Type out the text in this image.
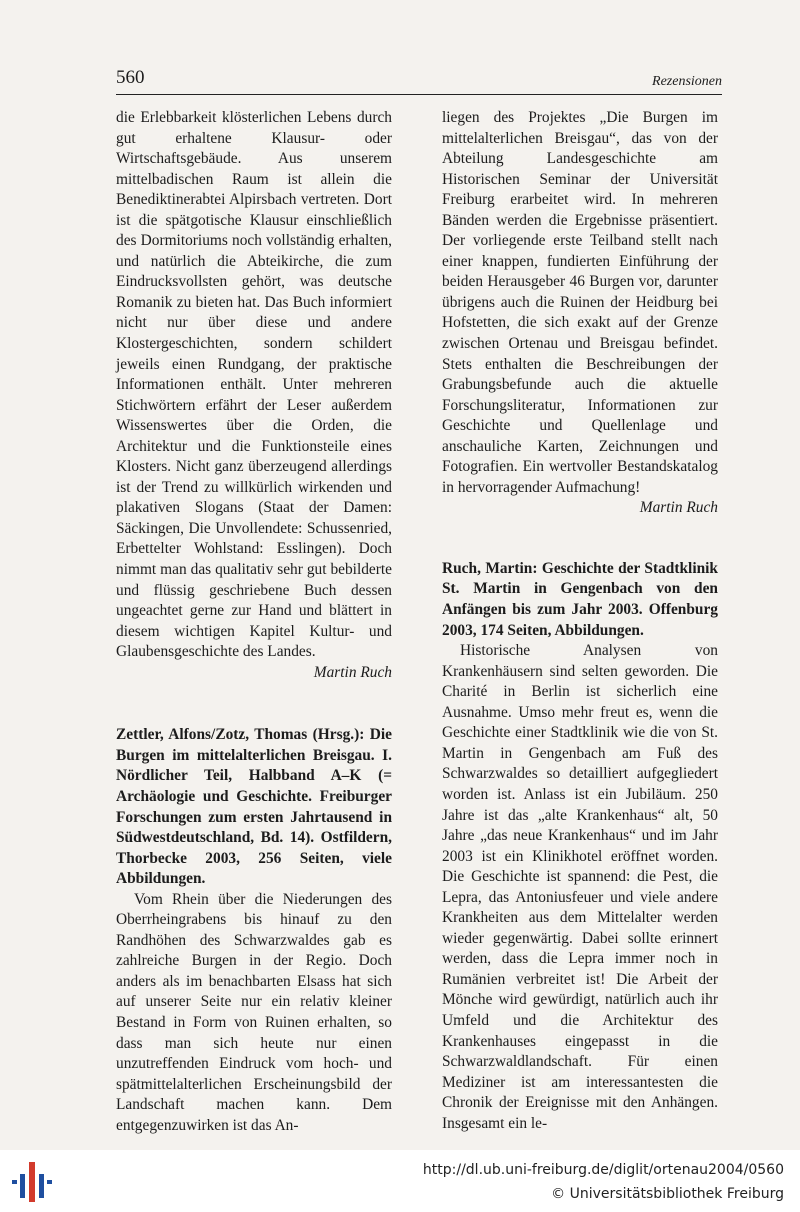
560	Rezensionen

die Erlebbarkeit klösterlichen Lebens durch gut erhaltene Klausur- oder Wirtschaftsgebäude. Aus unserem mittelbadischen Raum ist allein die Benediktinerabtei Alpirsbach vertreten. Dort ist die spätgotische Klausur einschließlich des Dormitoriums noch vollständig erhalten, und natürlich die Abteikirche, die zum Eindrucksvollsten gehört, was deutsche Romanik zu bieten hat. Das Buch informiert nicht nur über diese und andere Klostergeschichten, sondern schildert jeweils einen Rundgang, der praktische Informationen enthält. Unter mehreren Stichwörtern erfährt der Leser außerdem Wissenswertes über die Orden, die Architektur und die Funktionsteile eines Klosters. Nicht ganz überzeugend allerdings ist der Trend zu willkürlich wirkenden und plakativen Slogans (Staat der Damen: Säckingen, Die Unvollendete: Schussenried, Erbettelter Wohlstand: Esslingen). Doch nimmt man das qualitativ sehr gut bebilderte und flüssig geschriebene Buch dessen ungeachtet gerne zur Hand und blättert in diesem wichtigen Kapitel Kultur- und Glaubensgeschichte des Landes.

Martin Ruch

Zettler, Alfons/Zotz, Thomas (Hrsg.): Die Burgen im mittelalterlichen Breisgau. I. Nördlicher Teil, Halbband A–K (= Archäologie und Geschichte. Freiburger Forschungen zum ersten Jahrtausend in Südwestdeutschland, Bd. 14). Ostfildern, Thorbecke 2003, 256 Seiten, viele Abbildungen.

Vom Rhein über die Niederungen des Oberrheingrabens bis hinauf zu den Randhöhen des Schwarzwaldes gab es zahlreiche Burgen in der Regio. Doch anders als im benachbarten Elsass hat sich auf unserer Seite nur ein relativ kleiner Bestand in Form von Ruinen erhalten, so dass man sich heute nur einen unzutreffenden Eindruck vom hoch- und spätmittelalterlichen Erscheinungsbild der Landschaft machen kann. Dem entgegenzuwirken ist das An-

liegen des Projektes „Die Burgen im mittelalterlichen Breisgau“, das von der Abteilung Landesgeschichte am Historischen Seminar der Universität Freiburg erarbeitet wird. In mehreren Bänden werden die Ergebnisse präsentiert. Der vorliegende erste Teilband stellt nach einer knappen, fundierten Einführung der beiden Herausgeber 46 Burgen vor, darunter übrigens auch die Ruinen der Heidburg bei Hofstetten, die sich exakt auf der Grenze zwischen Ortenau und Breisgau befindet. Stets enthalten die Beschreibungen der Grabungsbefunde auch die aktuelle Forschungsliteratur, Informationen zur Geschichte und Quellenlage und anschauliche Karten, Zeichnungen und Fotografien. Ein wertvoller Bestandskatalog in hervorragender Aufmachung!

Martin Ruch

Ruch, Martin: Geschichte der Stadtklinik St. Martin in Gengenbach von den Anfängen bis zum Jahr 2003. Offenburg 2003, 174 Seiten, Abbildungen.

Historische Analysen von Krankenhäusern sind selten geworden. Die Charité in Berlin ist sicherlich eine Ausnahme. Umso mehr freut es, wenn die Geschichte einer Stadtklinik wie die von St. Martin in Gengenbach am Fuß des Schwarzwaldes so detailliert aufgegliedert worden ist. Anlass ist ein Jubiläum. 250 Jahre ist das „alte Krankenhaus“ alt, 50 Jahre „das neue Krankenhaus“ und im Jahr 2003 ist ein Klinikhotel eröffnet worden. Die Geschichte ist spannend: die Pest, die Lepra, das Antoniusfeuer und viele andere Krankheiten aus dem Mittelalter werden wieder gegenwärtig. Dabei sollte erinnert werden, dass die Lepra immer noch in Rumänien verbreitet ist! Die Arbeit der Mönche wird gewürdigt, natürlich auch ihr Umfeld und die Architektur des Krankenhauses eingepasst in die Schwarzwaldlandschaft. Für einen Mediziner ist am interessantesten die Chronik der Ereignisse mit den Anhängen. Insgesamt ein le-

http://dl.ub.uni-freiburg.de/diglit/ortenau2004/0560
© Universitätsbibliothek Freiburg
